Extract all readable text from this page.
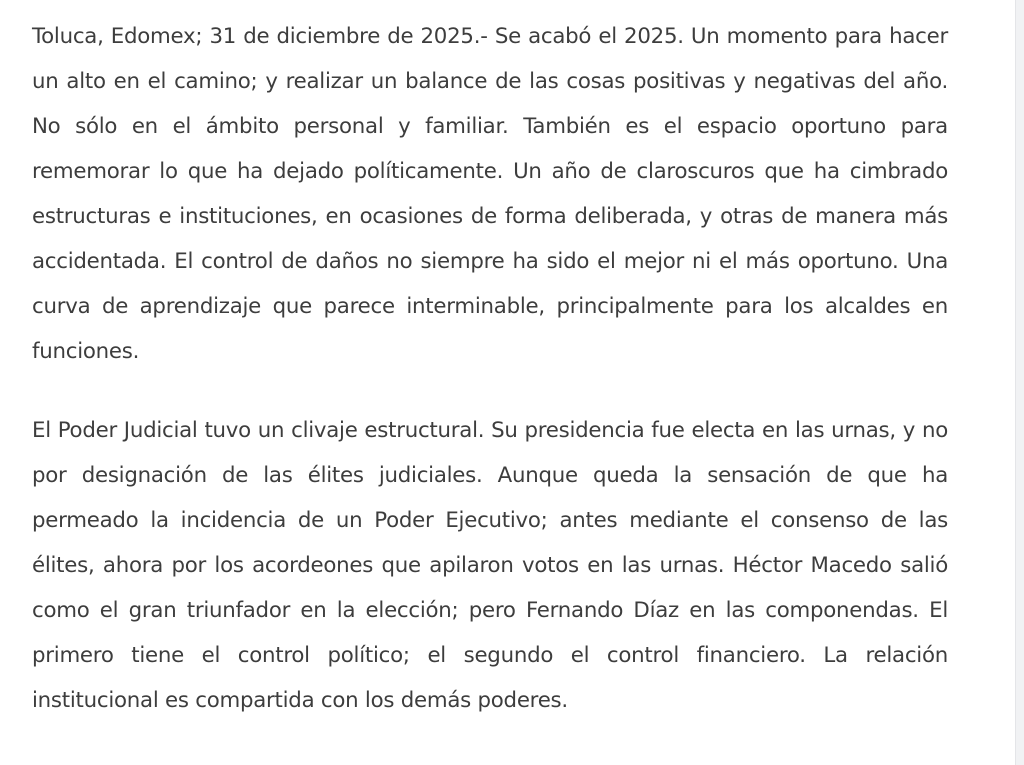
Toluca, Edomex; 31 de diciembre de 2025.- Se acabó el 2025. Un momento para hacer un alto en el camino; y realizar un balance de las cosas positivas y negativas del año. No sólo en el ámbito personal y familiar. También es el espacio oportuno para rememorar lo que ha dejado políticamente. Un año de claroscuros que ha cimbrado estructuras e instituciones, en ocasiones de forma deliberada, y otras de manera más accidentada. El control de daños no siempre ha sido el mejor ni el más oportuno. Una curva de aprendizaje que parece interminable, principalmente para los alcaldes en funciones.

El Poder Judicial tuvo un clivaje estructural. Su presidencia fue electa en las urnas, y no por designación de las élites judiciales. Aunque queda la sensación de que ha permeado la incidencia de un Poder Ejecutivo; antes mediante el consenso de las élites, ahora por los acordeones que apilaron votos en las urnas. Héctor Macedo salió como el gran triunfador en la elección; pero Fernando Díaz en las componendas. El primero tiene el control político; el segundo el control financiero. La relación institucional es compartida con los demás poderes.
